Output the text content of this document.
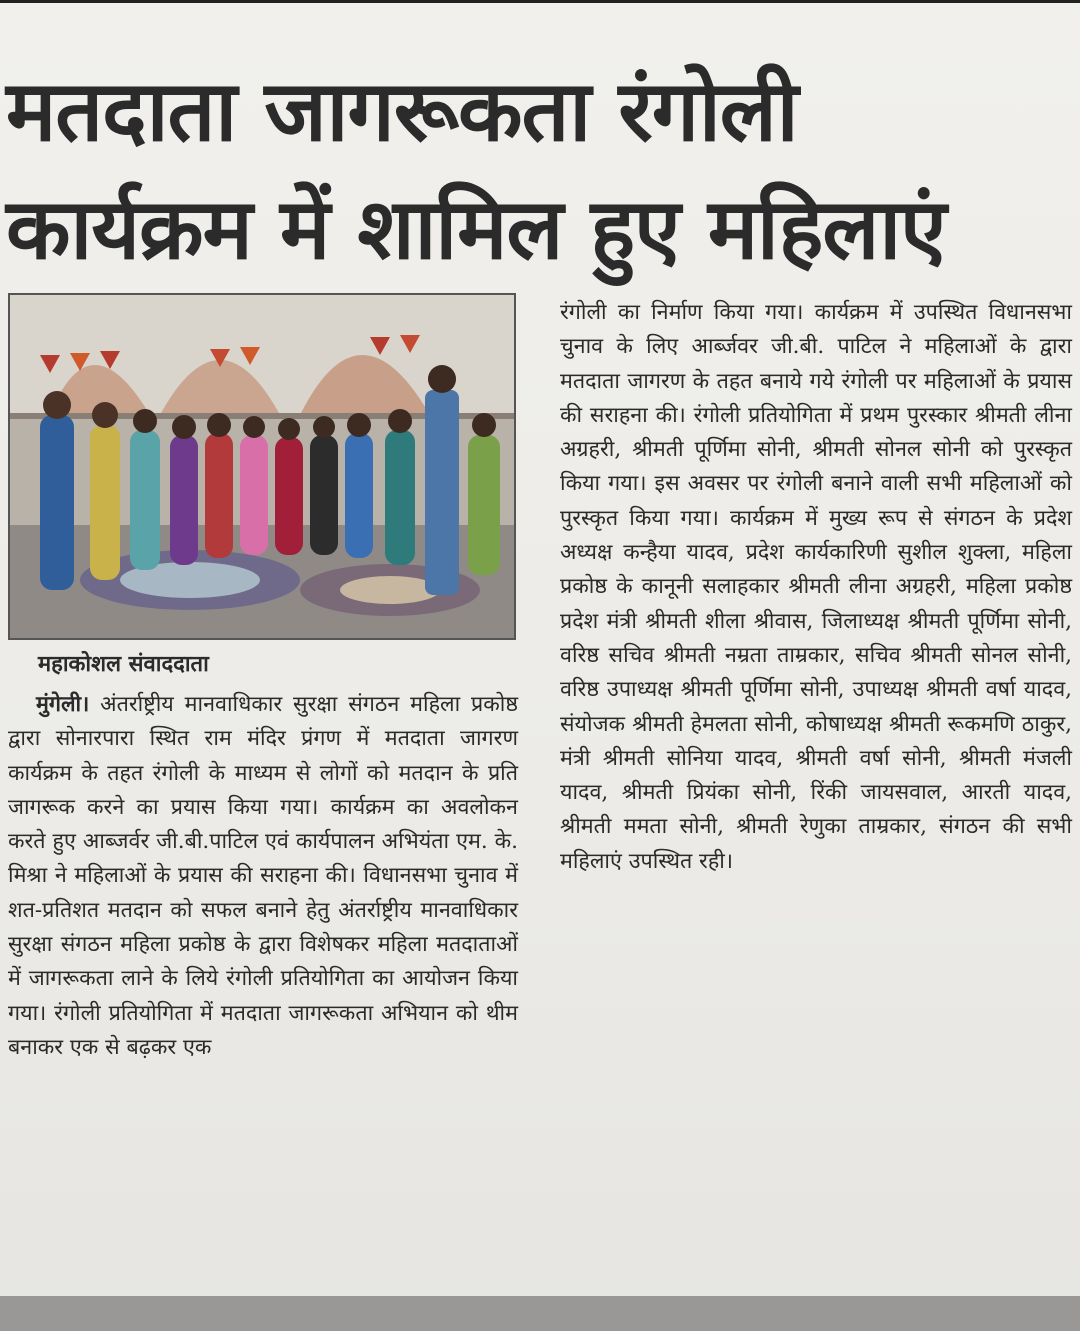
मतदाता जागरूकता रंगोली
कार्यक्रम में शामिल हुए महिलाएं

महाकोशल संवाददाता

मुंगेली। अंतर्राष्ट्रीय मानवाधिकार सुरक्षा संगठन महिला प्रकोष्ठ द्वारा सोनारपारा स्थित राम मंदिर प्रंगण में मतदाता जागरण कार्यक्रम के तहत रंगोली के माध्यम से लोगों को मतदान के प्रति जागरूक करने का प्रयास किया गया। कार्यक्रम का अवलोकन करते हुए आब्जर्वर जी.बी.पाटिल एवं कार्यपालन अभियंता एम. के. मिश्रा ने महिलाओं के प्रयास की सराहना की। विधानसभा चुनाव में शत-प्रतिशत मतदान को सफल बनाने हेतु अंतर्राष्ट्रीय मानवाधिकार सुरक्षा संगठन महिला प्रकोष्ठ के द्वारा विशेषकर महिला मतदाताओं में जागरूकता लाने के लिये रंगोली प्रतियोगिता का आयोजन किया गया। रंगोली प्रतियोगिता में मतदाता जागरूकता अभियान को थीम बनाकर एक से बढ़कर एक

रंगोली का निर्माण किया गया। कार्यक्रम में उपस्थित विधानसभा चुनाव के लिए आर्ब्जवर जी.बी. पाटिल ने महिलाओं के द्वारा मतदाता जागरण के तहत बनाये गये रंगोली पर महिलाओं के प्रयास की सराहना की। रंगोली प्रतियोगिता में प्रथम पुरस्कार श्रीमती लीना अग्रहरी, श्रीमती पूर्णिमा सोनी, श्रीमती सोनल सोनी को पुरस्कृत किया गया। इस अवसर पर रंगोली बनाने वाली सभी महिलाओं को पुरस्कृत किया गया। कार्यक्रम में मुख्य रूप से संगठन के प्रदेश अध्यक्ष कन्हैया यादव, प्रदेश कार्यकारिणी सुशील शुक्ला, महिला प्रकोष्ठ के कानूनी सलाहकार श्रीमती लीना अग्रहरी, महिला प्रकोष्ठ प्रदेश मंत्री श्रीमती शीला श्रीवास, जिलाध्यक्ष श्रीमती पूर्णिमा सोनी, वरिष्ठ सचिव श्रीमती नम्रता ताम्रकार, सचिव श्रीमती सोनल सोनी, वरिष्ठ उपाध्यक्ष श्रीमती पूर्णिमा सोनी, उपाध्यक्ष श्रीमती वर्षा यादव, संयोजक श्रीमती हेमलता सोनी, कोषाध्यक्ष श्रीमती रूकमणि ठाकुर, मंत्री श्रीमती सोनिया यादव, श्रीमती वर्षा सोनी, श्रीमती मंजली यादव, श्रीमती प्रियंका सोनी, रिंकी जायसवाल, आरती यादव, श्रीमती ममता सोनी, श्रीमती रेणुका ताम्रकार, संगठन की सभी महिलाएं उपस्थित रही।
